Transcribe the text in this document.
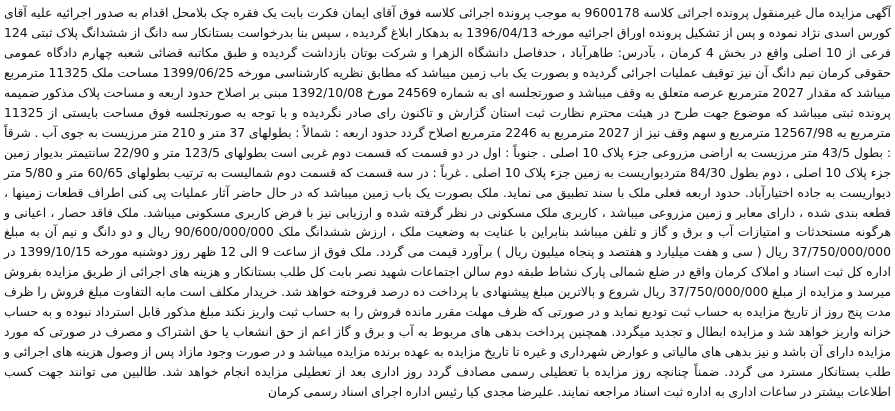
آگهی مزایده مال غیرمنقول پرونده اجرائی کلاسه 9600178 به موجب پرونده اجرائی کلاسه فوق آقای ایمان فکرت بابت یک فقره چک بلامحل اقدام به صدور اجرائیه علیه آقای کورس اسدی نژاد نموده و پس از تشکیل پرونده اوراق اجرائیه مورخه 1396/04/13 به بدهکار ابلاغ گردیده ، سپس بنا بدرخواست بستانکار سه دانگ از ششدانگ پلاک ثبتی 124 فرعی از 10 اصلی واقع در بخش 4 کرمان ، بآدرس: طاهرآباد ، حدفاصل دانشگاه الزهرا و شرکت بوتان بازداشت گردیده و طبق مکاتبه قضائی شعبه چهارم دادگاه عمومی حقوقی کرمان نیم دانگ آن نیز توقیف عملیات اجرائی گردیده و بصورت یک باب زمین میباشد که مطابق نظریه کارشناسی مورخه 1399/06/25 مساحت ملک 11325 مترمربع میباشد که مقدار 2027 مترمربع عرصه متعلق به وقف میباشد و صورتجلسه ای به شماره 24569 مورخ 1392/10/08 مبنی بر اصلاح حدود اربعه و مساحت پلاک مذکور ضمیمه پرونده ثبتی میباشد که موضوع جهت طرح در هیئت محترم نظارت ثبت استان گزارش و تاکنون رای صادر نگردیده و با توجه به صورتجلسه فوق مساحت بایستی از 11325 مترمربع به 12567/98 مترمربع و سهم وقف نیز از 2027 مترمربع به 2246 مترمربع اصلاح گردد حدود اربعه : شمالاً : بطولهای 37 متر و 210 متر مرزیست به جوی آب . شرقاً : بطول 43/5 متر مرزیست به اراضی مزروعی جزء پلاک 10 اصلی . جنوباً : اول در دو قسمت که قسمت دوم غربی است بطولهای 123/5 متر و 22/90 سانتیمتر بدیوار زمین جزء پلاک 10 اصلی ، دوم بطول 84/30 متردیواریست به زمین جزء پلاک 10 اصلی . غرباً : در سه قسمت که قسمت دوم شمالیست به ترتیب بطولهای 60/65 متر و 5/80 متر دیواریست به جاده اختیارآباد. حدود اربعه فعلی ملک با سند تطبیق می نماید. ملک بصورت یک باب زمین میباشد که در حال حاضر آثار عملیات پی کنی اطراف قطعات زمینها ، قطعه بندی شده ، دارای معابر و زمین مزروعی میباشد ، کاربری ملک مسکونی در نظر گرفته شده و ارزیابی نیز با فرض کاربری مسکونی میباشد. ملک فاقد حصار ، اعیانی و هرگونه مستحدثات و امتیازات آب و برق و گاز و تلفن میباشد بنابراین با عنایت به وضعیت ملک ، ارزش ششدانگ ملک 90/600/000/000 ریال و دو دانگ و نیم آن به مبلغ 37/750/000/000 ریال ( سی و هفت میلیارد و هفتصد و پنجاه میلیون ریال ) برآورد قیمت می گردد. ملک فوق از ساعت 9 الی 12 ظهر روز دوشنبه مورخه 1399/10/15 در اداره کل ثبت اسناد و املاک کرمان واقع در ضلع شمالی پارک نشاط طبقه دوم سالن اجتماعات شهید نصر بابت کل طلب بستانکار و هزینه های اجرائی از طریق مزایده بفروش میرسد و مزایده از مبلغ 37/750/000/000 ریال شروع و بالاترین مبلغ پیشنهادی با پرداخت ده درصد فروخته خواهد شد. خریدار مکلف است مابه التفاوت مبلغ فروش را ظرف مدت پنج روز از تاریخ مزایده به حساب ثبت تودیع نماید و در صورتی که ظرف مهلت مقرر مانده فروش را به حساب ثبت واریز نکند مبلغ مذکور قابل استرداد نبوده و به حساب خزانه واریز خواهد شد و مزایده ابطال و تجدید میگردد. همچنین پرداخت بدهی های مربوط به آب و برق و گاز اعم از حق انشعاب یا حق اشتراک و مصرف در صورتی که مورد مزایده دارای آن باشد و نیز بدهی های مالیاتی و عوارض شهرداری و غیره تا تاریخ مزایده به عهده برنده مزایده میباشد و در صورت وجود مازاد پس از وصول هزینه های اجرائی و طلب بستانکار مسترد می گردد. ضمناً چنانچه روز مزایده با تعطیلی رسمی مصادف گردد روز اداری بعد از تعطیلی مزایده انجام خواهد شد. طالبین می توانند جهت کسب اطلاعات بیشتر در ساعات اداری به اداره ثبت اسناد مراجعه نمایند. علیرضا مجدی کیا رئیس اداره اجرای اسناد رسمی کرمان
